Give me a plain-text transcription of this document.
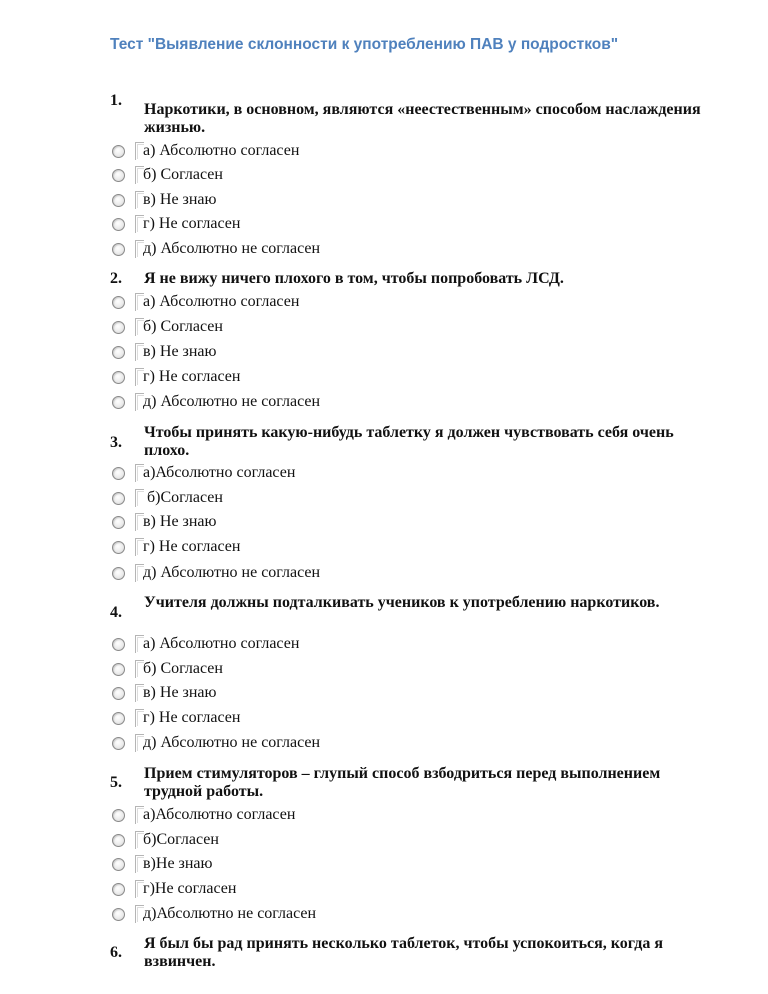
Тест "Выявление склонности к употреблению ПАВ у подростков"
1.
Наркотики, в основном, являются «неестественным» способом наслаждения жизнью.
а) Абсолютно согласен
б) Согласен
в) Не знаю
г) Не согласен
д) Абсолютно не согласен
2. Я не вижу ничего плохого в том, чтобы попробовать ЛСД.
а) Абсолютно согласен
б) Согласен
в) Не знаю
г) Не согласен
д) Абсолютно не согласен
3.
Чтобы принять какую-нибудь таблетку я должен чувствовать себя очень плохо.
а)Абсолютно согласен
б)Согласен
в) Не знаю
г) Не согласен
д) Абсолютно не согласен
4.
Учителя должны подталкивать учеников к употреблению наркотиков.
а) Абсолютно согласен
б) Согласен
в) Не знаю
г) Не согласен
д) Абсолютно не согласен
5.
Прием стимуляторов – глупый способ взбодриться перед выполнением трудной работы.
а)Абсолютно согласен
б)Согласен
в)Не знаю
г)Не согласен
д)Абсолютно не согласен
6.
Я был бы рад принять несколько таблеток, чтобы успокоиться, когда я взвинчен.
